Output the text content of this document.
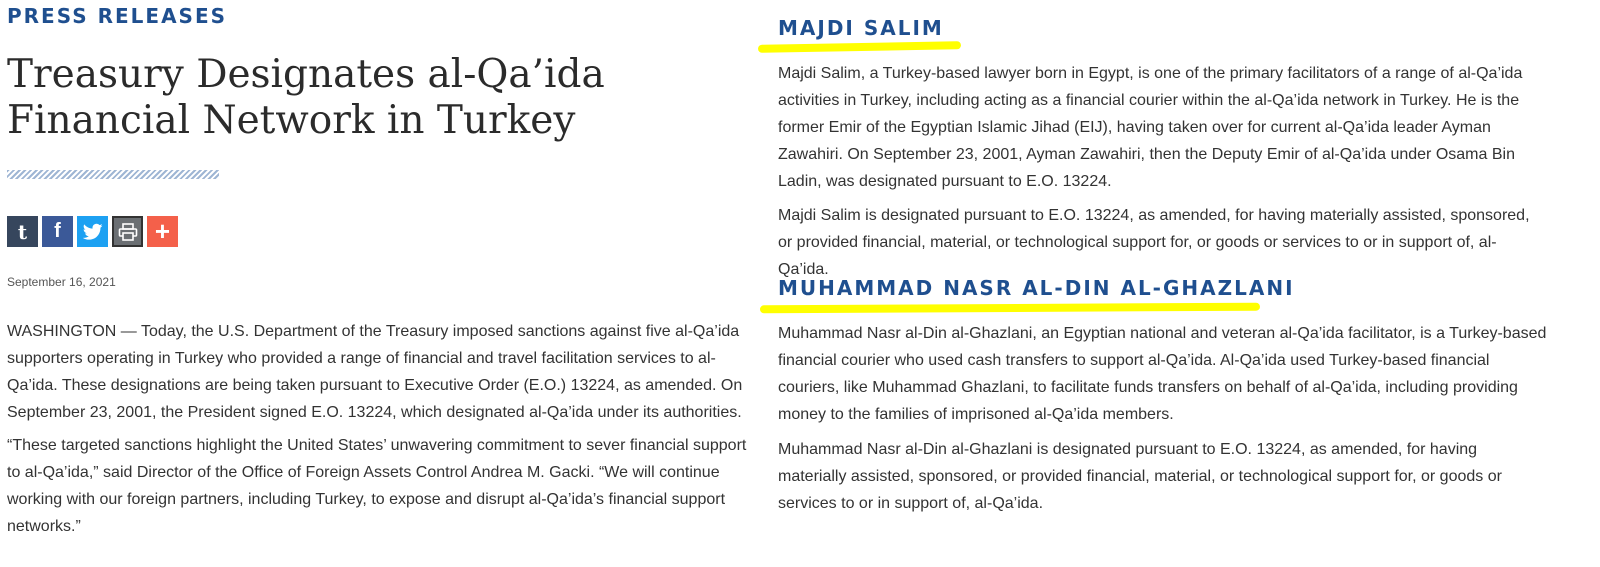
PRESS RELEASES
Treasury Designates al-Qa’ida Financial Network in Turkey
t f	+

September 16, 2021

WASHINGTON — Today, the U.S. Department of the Treasury imposed sanctions against five al-Qa’ida supporters operating in Turkey who provided a range of financial and travel facilitation services to al-Qa’ida. These designations are being taken pursuant to Executive Order (E.O.) 13224, as amended. On September 23, 2001, the President signed E.O. 13224, which designated al-Qa’ida under its authorities.

“These targeted sanctions highlight the United States’ unwavering commitment to sever financial support to al-Qa’ida,” said Director of the Office of Foreign Assets Control Andrea M. Gacki. “We will continue working with our foreign partners, including Turkey, to expose and disrupt al-Qa’ida’s financial support networks.”

MAJDI SALIM

Majdi Salim, a Turkey-based lawyer born in Egypt, is one of the primary facilitators of a range of al-Qa’ida activities in Turkey, including acting as a financial courier within the al-Qa’ida network in Turkey. He is the former Emir of the Egyptian Islamic Jihad (EIJ), having taken over for current al-Qa’ida leader Ayman Zawahiri. On September 23, 2001, Ayman Zawahiri, then the Deputy Emir of al-Qa’ida under Osama Bin Ladin, was designated pursuant to E.O. 13224.

Majdi Salim is designated pursuant to E.O. 13224, as amended, for having materially assisted, sponsored, or provided financial, material, or technological support for, or goods or services to or in support of, al-Qa’ida.

MUHAMMAD NASR AL-DIN AL-GHAZLANI

Muhammad Nasr al-Din al-Ghazlani, an Egyptian national and veteran al-Qa’ida facilitator, is a Turkey-based financial courier who used cash transfers to support al-Qa’ida. Al-Qa’ida used Turkey-based financial couriers, like Muhammad Ghazlani, to facilitate funds transfers on behalf of al-Qa’ida, including providing money to the families of imprisoned al-Qa’ida members.

Muhammad Nasr al-Din al-Ghazlani is designated pursuant to E.O. 13224, as amended, for having materially assisted, sponsored, or provided financial, material, or technological support for, or goods or services to or in support of, al-Qa’ida.
